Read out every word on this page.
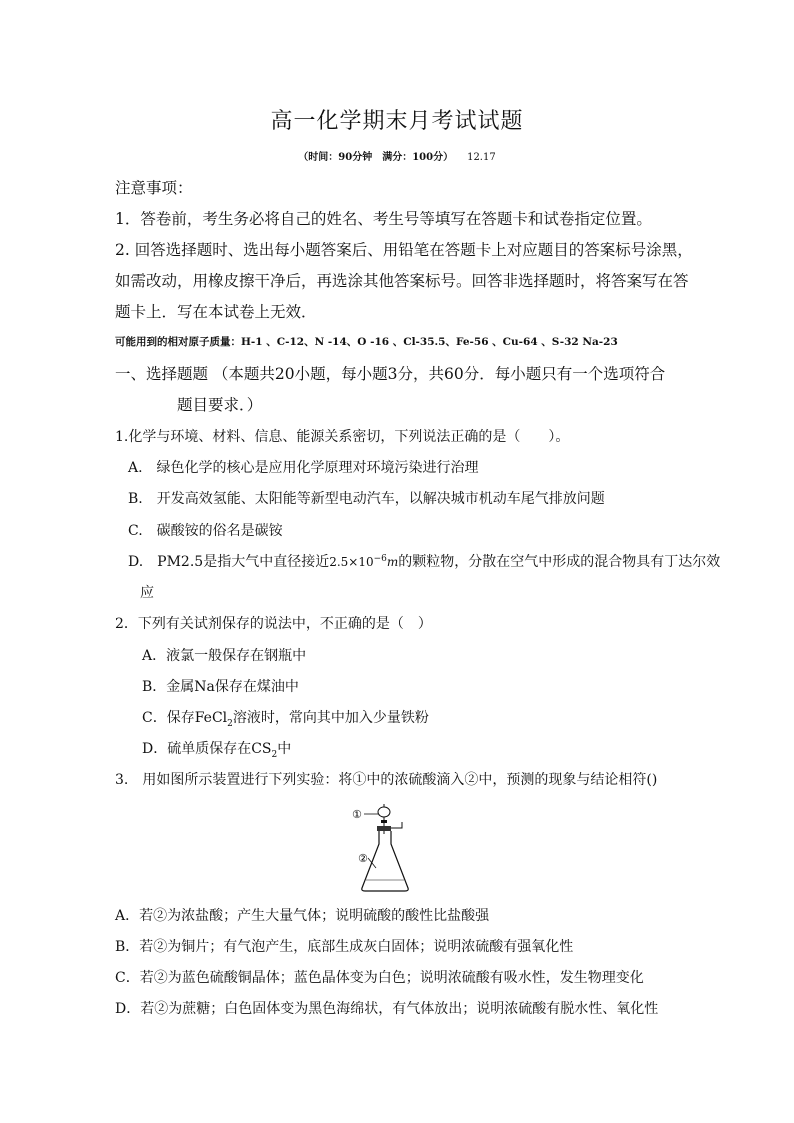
高一化学期末月考试试题
（时间：90分钟　满分：100分） 12.17
注意事项：
1．答卷前，考生务必将自己的姓名、考生号等填写在答题卡和试卷指定位置。
2. 回答选择题时、选出每小题答案后、用铅笔在答题卡上对应题目的答案标号涂黑，
如需改动，用橡皮擦干净后，再选涂其他答案标号。回答非选择题时，将答案写在答
题卡上．写在本试卷上无效．
可能用到的相对原子质量：H-1 、C-12、N -14、O -16 、Cl-35.5、Fe-56 、Cu-64 、S-32 Na-23
一、选择题题 （本题共20小题，每小题3分，共60分．每小题只有一个选项符合
题目要求．）
1.化学与环境、材料、信息、能源关系密切，下列说法正确的是（　　）。
A.　绿色化学的核心是应用化学原理对环境污染进行治理
B.　开发高效氢能、太阳能等新型电动汽车，以解决城市机动车尾气排放问题
C.　碳酸铵的俗名是碳铵
D.　PM2.5是指大气中直径接近$2.5\times 10^{-6}m$的颗粒物，分散在空气中形成的混合物具有丁达尔效
应
2．下列有关试剂保存的说法中，不正确的是（　）
A．液氯一般保存在钢瓶中
B．金属Na保存在煤油中
C．保存FeCl$_2$溶液时，常向其中加入少量铁粉
D．硫单质保存在$CS_2$中
3.　用如图所示装置进行下列实验：将①中的浓硫酸滴入②中，预测的现象与结论相符()
①
②
A．若②为浓盐酸；产生大量气体；说明硫酸的酸性比盐酸强
B．若②为铜片；有气泡产生，底部生成灰白固体；说明浓硫酸有强氧化性
C．若②为蓝色硫酸铜晶体；蓝色晶体变为白色；说明浓硫酸有吸水性，发生物理变化
D．若②为蔗糖；白色固体变为黑色海绵状，有气体放出；说明浓硫酸有脱水性、氧化性
